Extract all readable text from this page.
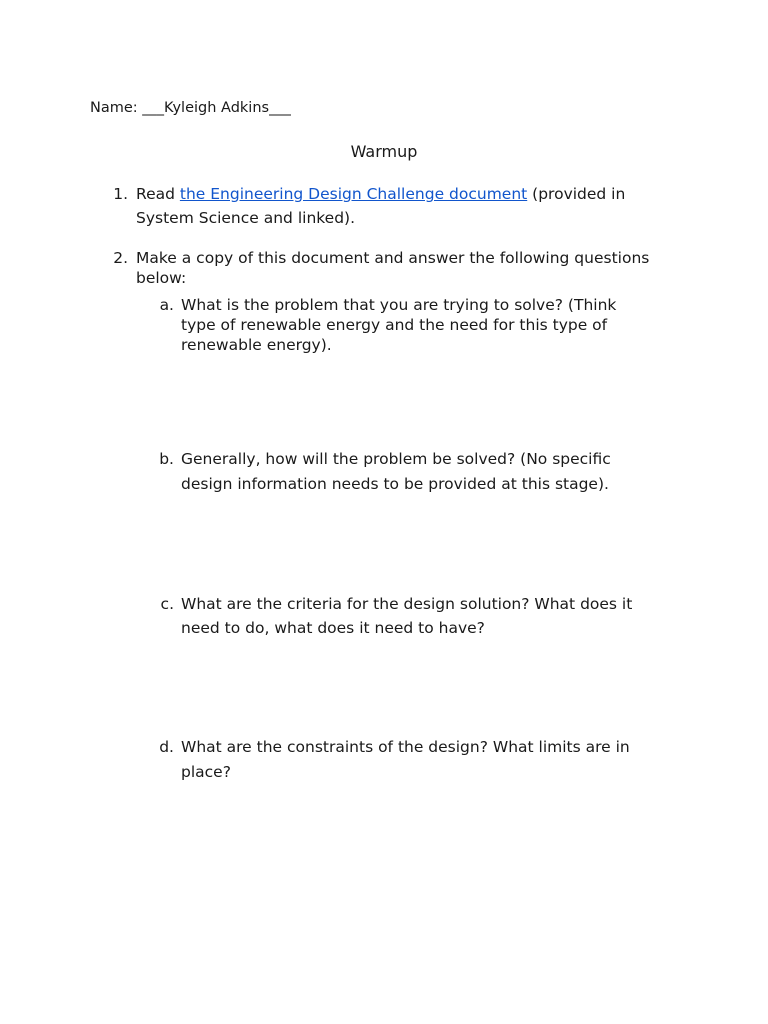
Name: ___Kyleigh Adkins___
Warmup
1. Read the Engineering Design Challenge document (provided in
System Science and linked).
2. Make a copy of this document and answer the following questions
below:
a. What is the problem that you are trying to solve? (Think
type of renewable energy and the need for this type of
renewable energy).
b. Generally, how will the problem be solved? (No specific
design information needs to be provided at this stage).
c. What are the criteria for the design solution? What does it
need to do, what does it need to have?
d. What are the constraints of the design? What limits are in
place?
